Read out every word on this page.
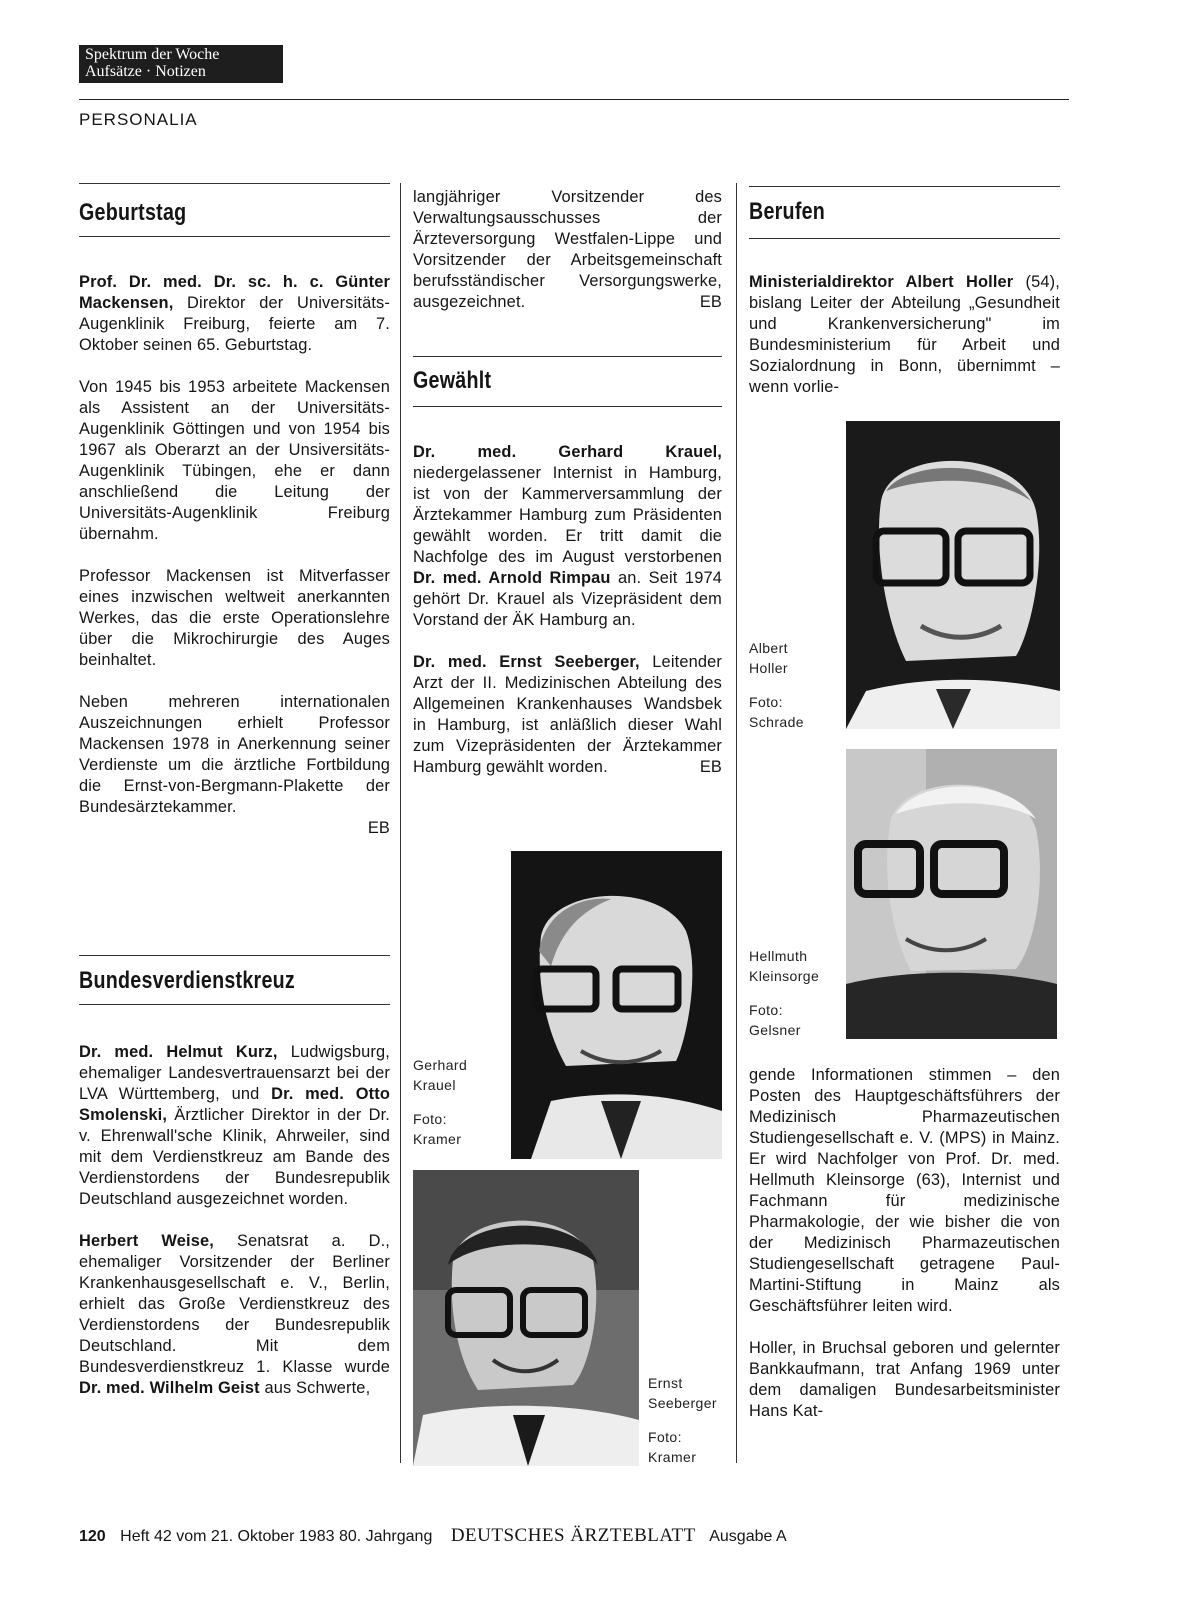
Spektrum der Woche
Aufsätze · Notizen
PERSONALIA
Geburtstag

Prof. Dr. med. Dr. sc. h. c. Günter Mackensen, Direktor der Universitäts-Augenklinik Freiburg, feierte am 7. Oktober seinen 65. Geburtstag.

Von 1945 bis 1953 arbeitete Mackensen als Assistent an der Universitäts-Augenklinik Göttingen und von 1954 bis 1967 als Oberarzt an der Unsiversitäts-Augenklinik Tübingen, ehe er dann anschließend die Leitung der Universitäts-Augenklinik Freiburg übernahm.

Professor Mackensen ist Mitverfasser eines inzwischen weltweit anerkannten Werkes, das die erste Operationslehre über die Mikrochirurgie des Auges beinhaltet.

Neben mehreren internationalen Auszeichnungen erhielt Professor Mackensen 1978 in Anerkennung seiner Verdienste um die ärztliche Fortbildung die Ernst-von-Bergmann-Plakette der Bundesärztekammer.

EB
Bundesverdienstkreuz

Dr. med. Helmut Kurz, Ludwigsburg, ehemaliger Landesvertrauensarzt bei der LVA Württemberg, und Dr. med. Otto Smolenski, Ärztlicher Direktor in der Dr. v. Ehrenwall'sche Klinik, Ahrweiler, sind mit dem Verdienstkreuz am Bande des Verdienstordens der Bundesrepublik Deutschland ausgezeichnet worden.

Herbert Weise, Senatsrat a. D., ehemaliger Vorsitzender der Berliner Krankenhausgesellschaft e. V., Berlin, erhielt das Große Verdienstkreuz des Verdienstordens der Bundesrepublik Deutschland. Mit dem Bundesverdienstkreuz 1. Klasse wurde Dr. med. Wilhelm Geist aus Schwerte,

langjähriger Vorsitzender des Verwaltungsausschusses der Ärzteversorgung Westfalen-Lippe und Vorsitzender der Arbeitsgemeinschaft berufsständischer Versorgungswerke, ausgezeichnet.	EB
Gewählt

Dr. med. Gerhard Krauel, niedergelassener Internist in Hamburg, ist von der Kammerversammlung der Ärztekammer Hamburg zum Präsidenten gewählt worden. Er tritt damit die Nachfolge des im August verstorbenen Dr. med. Arnold Rimpau an. Seit 1974 gehört Dr. Krauel als Vizepräsident dem Vorstand der ÄK Hamburg an.

Dr. med. Ernst Seeberger, Leitender Arzt der II. Medizinischen Abteilung des Allgemeinen Krankenhauses Wandsbek in Hamburg, ist anläßlich dieser Wahl zum Vizepräsidenten der Ärztekammer Hamburg gewählt worden.	EB
Gerhard
Krauel
Foto:
Kramer
Ernst
Seeberger
Foto:
Kramer
Berufen

Ministerialdirektor Albert Holler (54), bislang Leiter der Abteilung „Gesundheit und Krankenversicherung" im Bundesministerium für Arbeit und Sozialordnung in Bonn, übernimmt – wenn vorlie-

Albert
Holler
Foto:
Schrade
Hellmuth
Kleinsorge
Foto:
Gelsner

gende Informationen stimmen – den Posten des Hauptgeschäftsführers der Medizinisch Pharmazeutischen Studiengesellschaft e. V. (MPS) in Mainz. Er wird Nachfolger von Prof. Dr. med. Hellmuth Kleinsorge (63), Internist und Fachmann für medizinische Pharmakologie, der wie bisher die von der Medizinisch Pharmazeutischen Studiengesellschaft getragene Paul-Martini-Stiftung in Mainz als Geschäftsführer leiten wird.

Holler, in Bruchsal geboren und gelernter Bankkaufmann, trat Anfang 1969 unter dem damaligen Bundesarbeitsminister Hans Kat-

120 Heft 42 vom 21. Oktober 1983 80. Jahrgang DEUTSCHES ÄRZTEBLATT Ausgabe A
